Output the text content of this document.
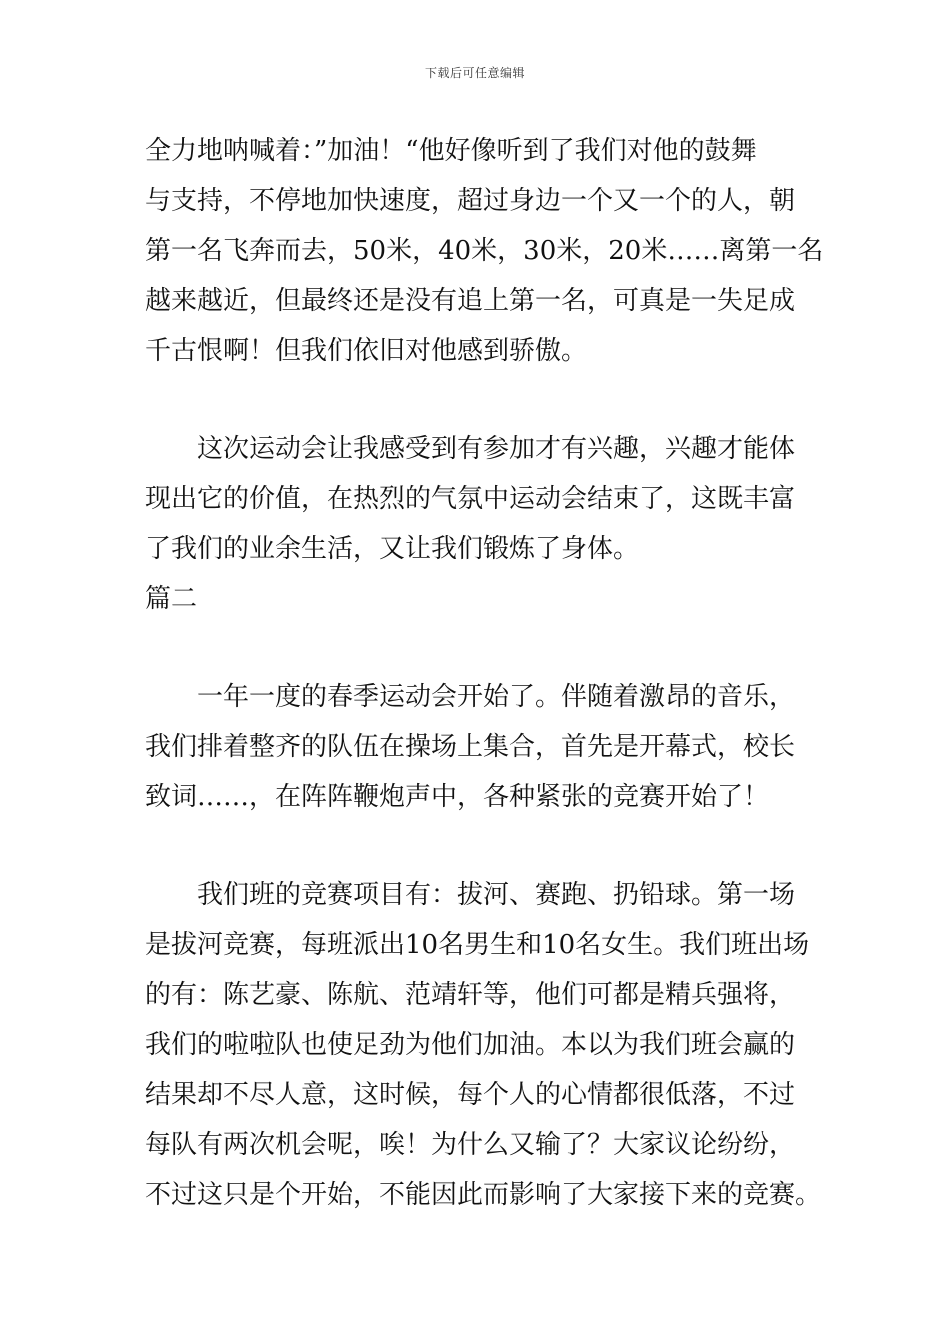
下载后可任意编辑
全力地呐喊着：”加油！“他好像听到了我们对他的鼓舞
与支持，不停地加快速度，超过身边一个又一个的人，朝
第一名飞奔而去，50米，40米，30米，20米……离第一名
越来越近，但最终还是没有追上第一名，可真是一失足成
千古恨啊！但我们依旧对他感到骄傲。
这次运动会让我感受到有参加才有兴趣，兴趣才能体
现出它的价值，在热烈的气氛中运动会结束了，这既丰富
了我们的业余生活，又让我们锻炼了身体。
篇二
一年一度的春季运动会开始了。伴随着激昂的音乐，
我们排着整齐的队伍在操场上集合，首先是开幕式，校长
致词……，在阵阵鞭炮声中，各种紧张的竞赛开始了！
我们班的竞赛项目有：拔河、赛跑、扔铅球。第一场
是拔河竞赛，每班派出10名男生和10名女生。我们班出场
的有：陈艺豪、陈航、范靖轩等，他们可都是精兵强将，
我们的啦啦队也使足劲为他们加油。本以为我们班会赢的
结果却不尽人意，这时候，每个人的心情都很低落，不过
每队有两次机会呢，唉！为什么又输了？大家议论纷纷，
不过这只是个开始，不能因此而影响了大家接下来的竞赛。
